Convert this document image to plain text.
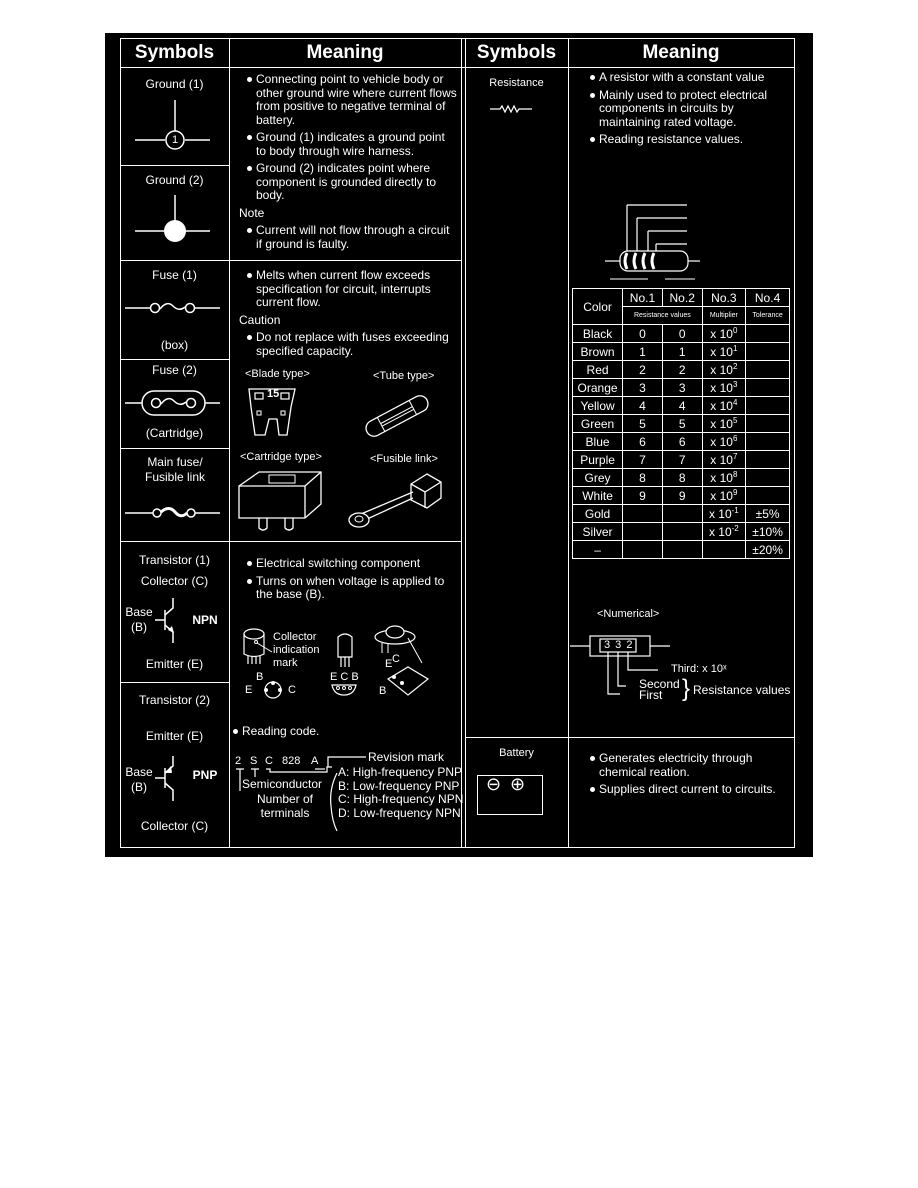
Symbols	Meaning	Symbols	Meaning
Ground (1)
1
Ground (2)
Connecting point to vehicle body or other ground wire where current flows from positive to negative terminal of battery.
Ground (1) indicates a ground point to body through wire harness.
Ground (2) indicates point where component is grounded directly to body.
Note
Current will not flow through a circuit if ground is faulty.
Fuse (1)
(box)
Fuse (2)
(Cartridge)
Main fuse/ Fusible link
Melts when current flow exceeds specification for circuit, interrupts current flow.
Caution
Do not replace with fuses exceeding specified capacity.
<Blade type>	<Tube type>
<Cartridge type>	<Fusible link>
15
Transistor (1)
Collector (C)
Base (B)	NPN
Emitter (E)
Transistor (2)
Emitter (E)
Base (B)
PNP
Collector (C)
Electrical switching component
Turns on when voltage is applied to the base (B).
Collector indication mark	C
E
B
B
E	C
E C B
Reading code.
2 S C 828 A	Revision mark
Semiconductor
Number of terminals
A: High-frequency PNP
B: Low-frequency PNP
C: High-frequency NPN
D: Low-frequency NPN
Resistance	A resistor with a constant value
Mainly used to protect electrical components in circuits by maintaining rated voltage.
Reading resistance values.
Color	No.1	No.2	No.3	No.4
	Resistance values		Multiplier	Tolerance
Black	0	0	x $10^0$	
Brown	1	1	x $10^1$	
Red	2	2	x $10^2$	
Orange	3	3	x $10^3$	
Yellow	4	4	x $10^4$	
Green	5	5	x $10^5$	
Blue	6	6	x $10^6$	
Purple	7	7	x $10^7$	
Grey	8	8	x $10^8$	
White	9	9	x $10^9$	
Gold			x $10^{-1}$	±5%
Silver			x $10^{-2}$	±10%
–				±20%
<Numerical>
3 3 2
Third: x 10ˣ
Second
First } Resistance values
Battery
⊖ ⊕
Generates electricity through chemical reation.
Supplies direct current to circuits.
